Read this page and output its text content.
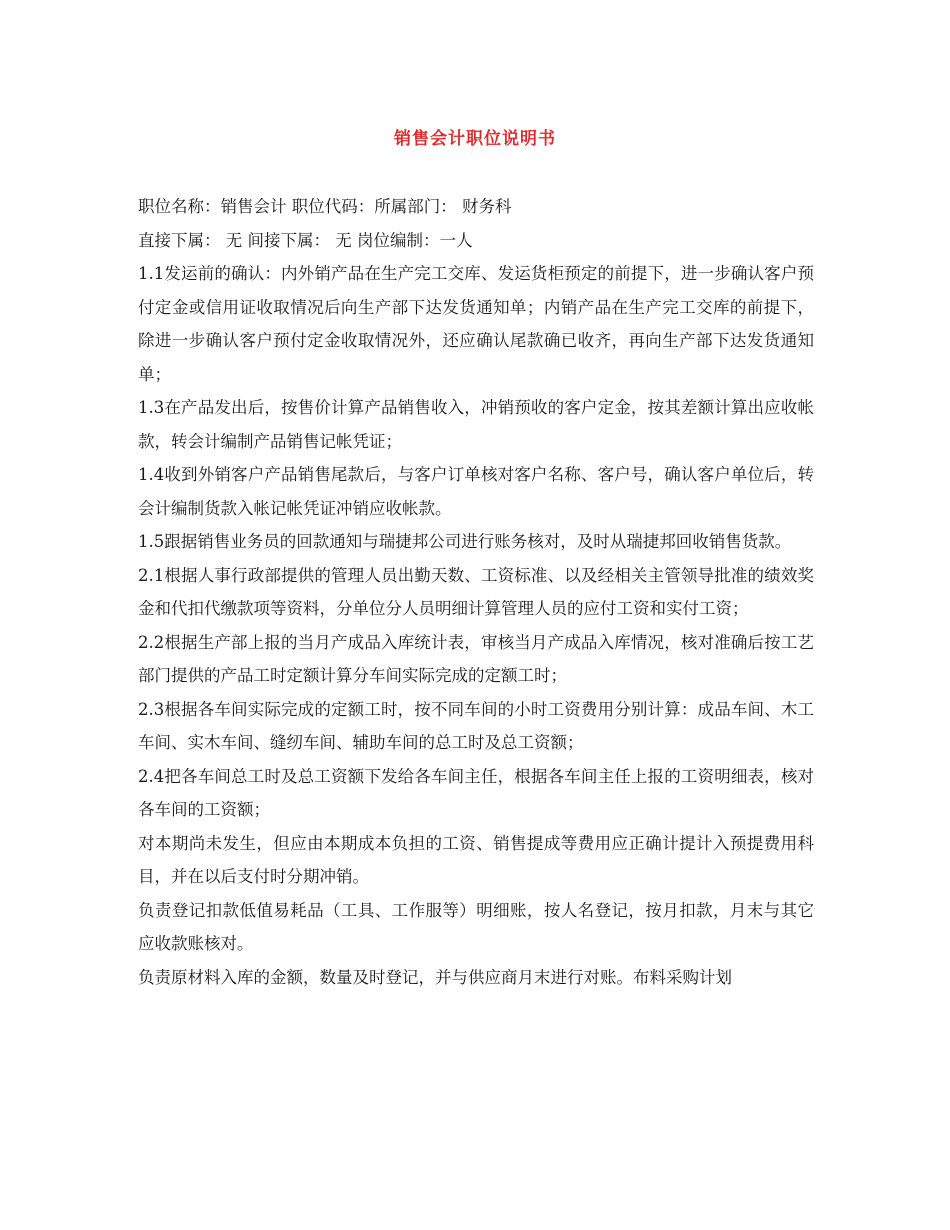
销售会计职位说明书

职位名称：销售会计 职位代码：所属部门： 财务科

直接下属： 无 间接下属： 无 岗位编制：一人

1.1发运前的确认：内外销产品在生产完工交库、发运货柜预定的前提下，进一步确认客户预付定金或信用证收取情况后向生产部下达发货通知单；内销产品在生产完工交库的前提下，除进一步确认客户预付定金收取情况外，还应确认尾款确已收齐，再向生产部下达发货通知单；

1.3在产品发出后，按售价计算产品销售收入，冲销预收的客户定金，按其差额计算出应收帐款，转会计编制产品销售记帐凭证；

1.4收到外销客户产品销售尾款后，与客户订单核对客户名称、客户号，确认客户单位后，转会计编制货款入帐记帐凭证冲销应收帐款。

1.5跟据销售业务员的回款通知与瑞捷邦公司进行账务核对，及时从瑞捷邦回收销售货款。

2.1根据人事行政部提供的管理人员出勤天数、工资标准、以及经相关主管领导批准的绩效奖金和代扣代缴款项等资料，分单位分人员明细计算管理人员的应付工资和实付工资；

2.2根据生产部上报的当月产成品入库统计表，审核当月产成品入库情况，核对准确后按工艺部门提供的产品工时定额计算分车间实际完成的定额工时；

2.3根据各车间实际完成的定额工时，按不同车间的小时工资费用分别计算：成品车间、木工车间、实木车间、缝纫车间、辅助车间的总工时及总工资额；

2.4把各车间总工时及总工资额下发给各车间主任，根据各车间主任上报的工资明细表，核对各车间的工资额；

对本期尚未发生，但应由本期成本负担的工资、销售提成等费用应正确计提计入预提费用科目，并在以后支付时分期冲销。

负责登记扣款低值易耗品（工具、工作服等）明细账，按人名登记，按月扣款，月末与其它应收款账核对。

负责原材料入库的金额，数量及时登记，并与供应商月末进行对账。布料采购计划
